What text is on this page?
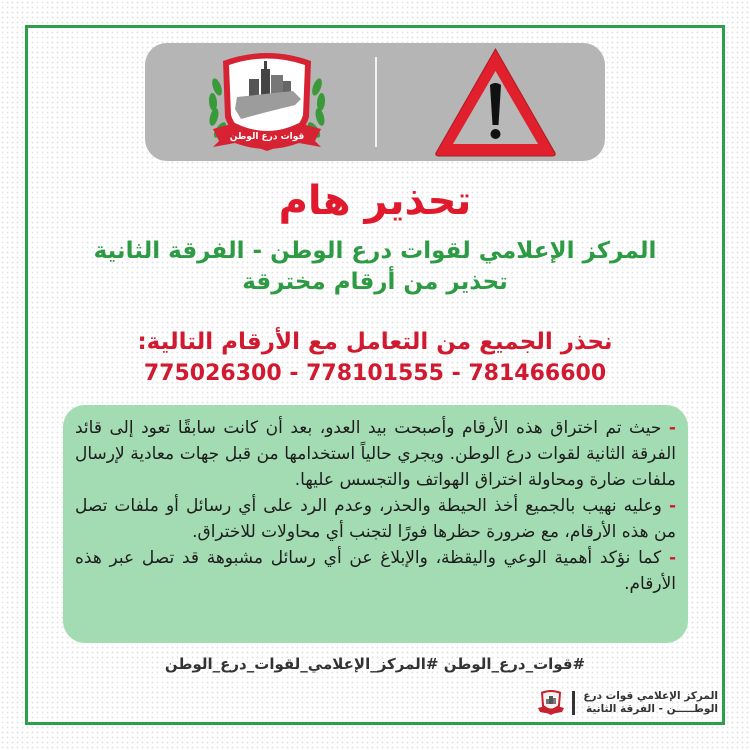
قوات درع الوطن
تحذير هام
المركز الإعلامي لقوات درع الوطن - الفرقة الثانية
تحذير من أرقام مخترقة
نحذر الجميع من التعامل مع الأرقام التالية:
775026300 - 778101555 - 781466600

- حيث تم اختراق هذه الأرقام وأصبحت بيد العدو، بعد أن كانت سابقًا تعود إلى قائد الفرقة الثانية لقوات درع الوطن. ويجري حالياً استخدامها من قبل جهات معادية لإرسال ملفات ضارة ومحاولة اختراق الهواتف والتجسس عليها.

- وعليه نهيب بالجميع أخذ الحيطة والحذر، وعدم الرد على أي رسائل أو ملفات تصل من هذه الأرقام، مع ضرورة حظرها فورًا لتجنب أي محاولات للاختراق.

- كما نؤكد أهمية الوعي واليقظة، والإبلاغ عن أي رسائل مشبوهة قد تصل عبر هذه الأرقام.

#قوات_درع_الوطن #المركز_الإعلامي_لقوات_درع_الوطن
المركز الإعلامي قوات درع
الوطـــــن - الفرقة الثانية
